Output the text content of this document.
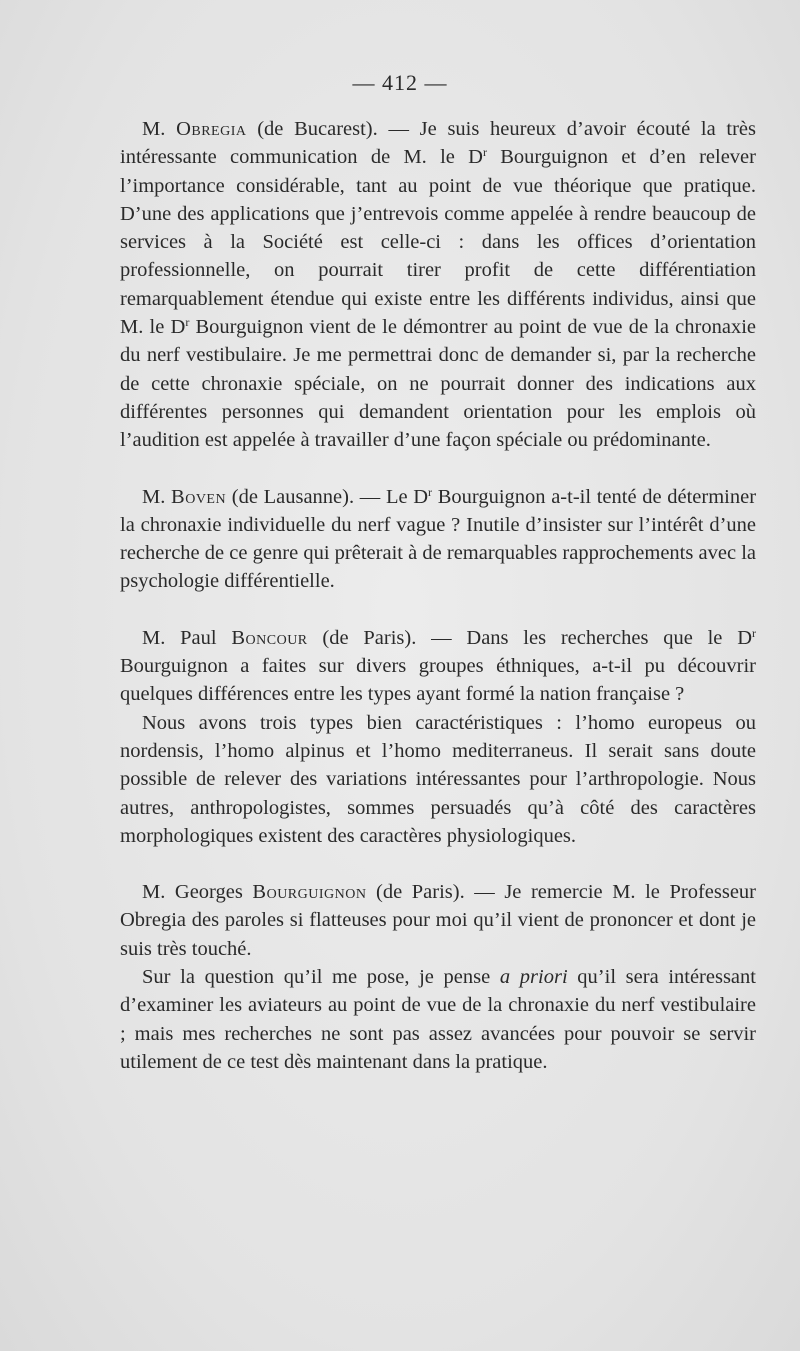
— 412 —

M. Obregia (de Bucarest). — Je suis heureux d’avoir écouté la très intéressante communication de M. le $D^r$ Bourguignon et d’en relever l’importance considérable, tant au point de vue théorique que pratique. D’une des applications que j’entrevois comme appelée à rendre beaucoup de services à la Société est celle-ci : dans les offices d’orientation professionnelle, on pourrait tirer profit de cette différentiation remarquablement étendue qui existe entre les différents individus, ainsi que M. le $D^r$ Bourguignon vient de le démontrer au point de vue de la chronaxie du nerf vestibulaire. Je me permettrai donc de demander si, par la recherche de cette chronaxie spéciale, on ne pourrait donner des indications aux différentes personnes qui demandent orientation pour les emplois où l’audition est appelée à travailler d’une façon spéciale ou prédominante.

M. Boven (de Lausanne). — Le $D^r$ Bourguignon a-t-il tenté de déterminer la chronaxie individuelle du nerf vague ? Inutile d’insister sur l’intérêt d’une recherche de ce genre qui prêterait à de remarquables rapprochements avec la psychologie différentielle.

M. Paul Boncour (de Paris). — Dans les recherches que le $D^r$ Bourguignon a faites sur divers groupes éthniques, a-t-il pu découvrir quelques différences entre les types ayant formé la nation française ?

Nous avons trois types bien caractéristiques : l’homo europeus ou nordensis, l’homo alpinus et l’homo mediterraneus. Il serait sans doute possible de relever des variations intéressantes pour l’arthropologie. Nous autres, anthropologistes, sommes persuadés qu’à côté des caractères morphologiques existent des caractères physiologiques.

M. Georges Bourguignon (de Paris). — Je remercie M. le Professeur Obregia des paroles si flatteuses pour moi qu’il vient de prononcer et dont je suis très touché.

Sur la question qu’il me pose, je pense a priori qu’il sera intéressant d’examiner les aviateurs au point de vue de la chronaxie du nerf vestibulaire ; mais mes recherches ne sont pas assez avancées pour pouvoir se servir utilement de ce test dès maintenant dans la pratique.
